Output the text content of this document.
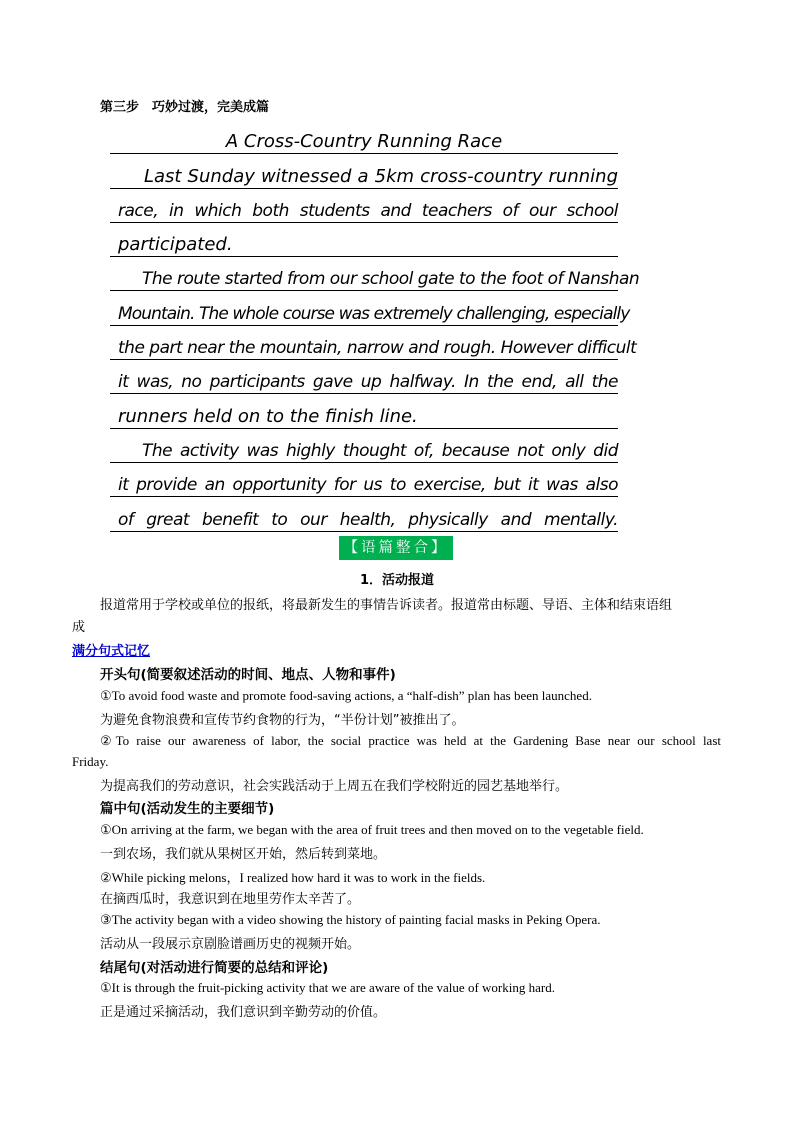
第三步　巧妙过渡，完美成篇
A Cross-Country Running Race
Last Sunday witnessed a 5km cross-country running
race, in which both students and teachers of our school
participated.
The route started from our school gate to the foot of Nanshan
Mountain. The whole course was extremely challenging, especially
the part near the mountain, narrow and rough. However difficult
it was, no participants gave up halfway. In the end, all the
runners held on to the finish line.
The activity was highly thought of, because not only did
it provide an opportunity for us to exercise, but it was also
of great benefit to our health, physically and mentally.
【语篇整合】
1．活动报道
报道常用于学校或单位的报纸，将最新发生的事情告诉读者。报道常由标题、导语、主体和结束语组
成
满分句式记忆
开头句(简要叙述活动的时间、地点、人物和事件)
①To avoid food waste and promote food-saving actions, a “half-dish” plan has been launched.
为避免食物浪费和宣传节约食物的行为，“半份计划”被推出了。
②To raise our awareness of labor, the social practice was held at the Gardening Base near our school last
Friday.
为提高我们的劳动意识，社会实践活动于上周五在我们学校附近的园艺基地举行。
篇中句(活动发生的主要细节)
①On arriving at the farm, we began with the area of fruit trees and then moved on to the vegetable field.
一到农场，我们就从果树区开始，然后转到菜地。
②While picking melons，I realized how hard it was to work in the fields.
在摘西瓜时，我意识到在地里劳作太辛苦了。
③The activity began with a video showing the history of painting facial masks in Peking Opera.
活动从一段展示京剧脸谱画历史的视频开始。
结尾句(对活动进行简要的总结和评论)
①It is through the fruit-picking activity that we are aware of the value of working hard.
正是通过采摘活动，我们意识到辛勤劳动的价值。
